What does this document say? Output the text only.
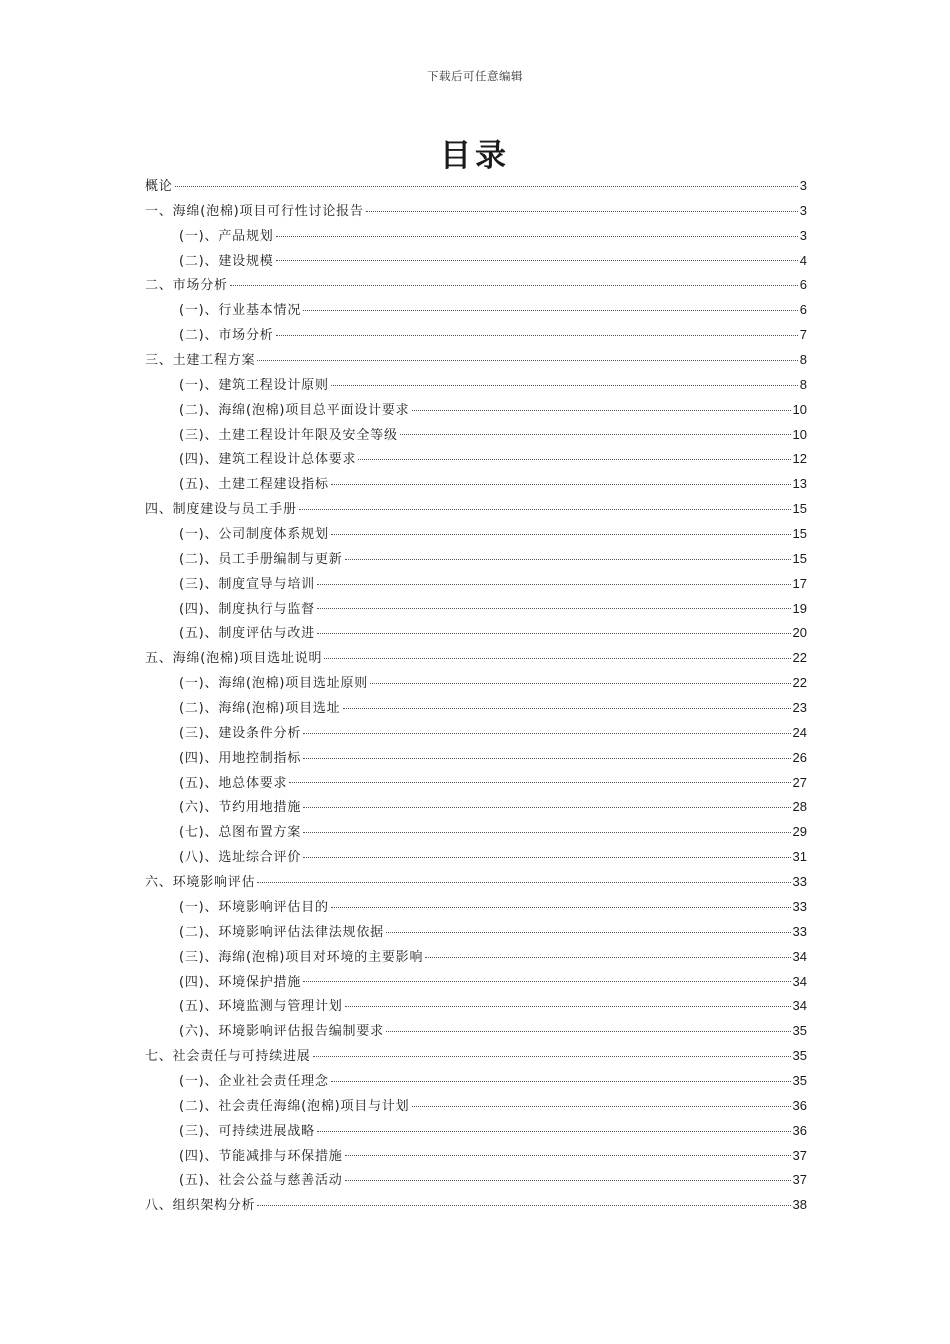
下载后可任意编辑
目录
概论	3
一、海绵(泡棉)项目可行性讨论报告	3
(一)、产品规划	3
(二)、建设规模	4
二、市场分析	6
(一)、行业基本情况	6
(二)、市场分析	7
三、土建工程方案	8
(一)、建筑工程设计原则	8
(二)、海绵(泡棉)项目总平面设计要求	10
(三)、土建工程设计年限及安全等级	10
(四)、建筑工程设计总体要求	12
(五)、土建工程建设指标	13
四、制度建设与员工手册	15
(一)、公司制度体系规划	15
(二)、员工手册编制与更新	15
(三)、制度宣导与培训	17
(四)、制度执行与监督	19
(五)、制度评估与改进	20
五、海绵(泡棉)项目选址说明	22
(一)、海绵(泡棉)项目选址原则	22
(二)、海绵(泡棉)项目选址	23
(三)、建设条件分析	24
(四)、用地控制指标	26
(五)、地总体要求	27
(六)、节约用地措施	28
(七)、总图布置方案	29
(八)、选址综合评价	31
六、环境影响评估	33
(一)、环境影响评估目的	33
(二)、环境影响评估法律法规依据	33
(三)、海绵(泡棉)项目对环境的主要影响	34
(四)、环境保护措施	34
(五)、环境监测与管理计划	34
(六)、环境影响评估报告编制要求	35
七、社会责任与可持续进展	35
(一)、企业社会责任理念	35
(二)、社会责任海绵(泡棉)项目与计划	36
(三)、可持续进展战略	36
(四)、节能减排与环保措施	37
(五)、社会公益与慈善活动	37
八、组织架构分析	38
